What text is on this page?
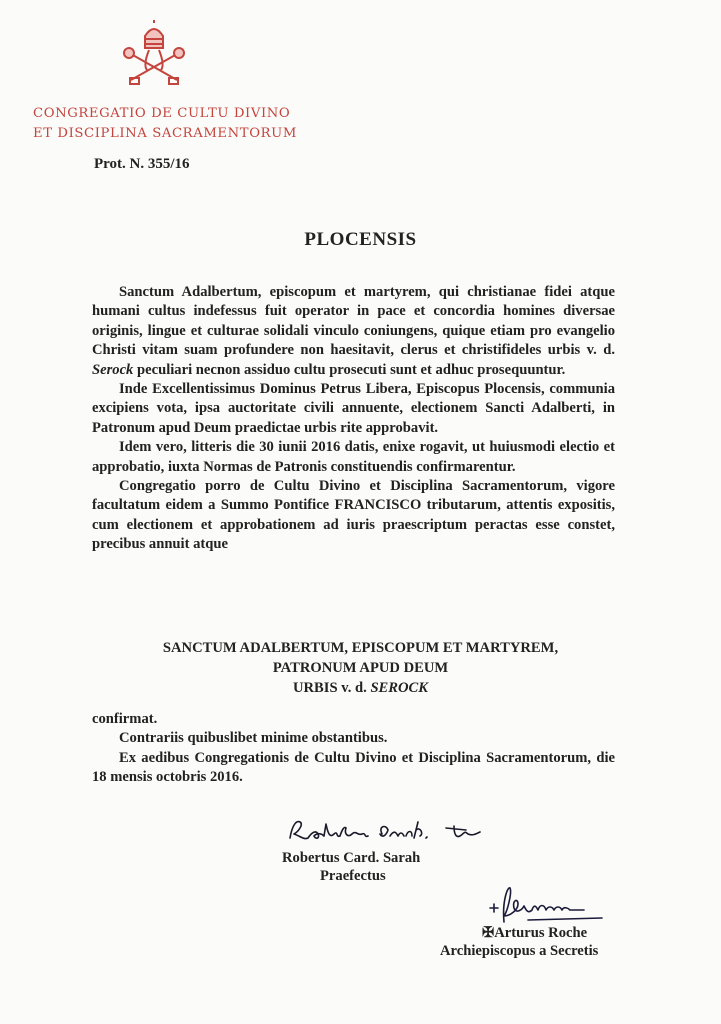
CONGREGATIO DE CULTU DIVINO
ET DISCIPLINA SACRAMENTORUM
Prot. N. 355/16
PLOCENSIS

Sanctum Adalbertum, episcopum et martyrem, qui christianae fidei atque humani cultus indefessus fuit operator in pace et concordia homines diversae originis, lingue et culturae solidali vinculo coniungens, quique etiam pro evangelio Christi vitam suam profundere non haesitavit, clerus et christifideles urbis v. d. Serock peculiari necnon assiduo cultu prosecuti sunt et adhuc prosequuntur.

Inde Excellentissimus Dominus Petrus Libera, Episcopus Plocensis, communia excipiens vota, ipsa auctoritate civili annuente, electionem Sancti Adalberti, in Patronum apud Deum praedictae urbis rite approbavit.

Idem vero, litteris die 30 iunii 2016 datis, enixe rogavit, ut huiusmodi electio et approbatio, iuxta Normas de Patronis constituendis confirmarentur.

Congregatio porro de Cultu Divino et Disciplina Sacramentorum, vigore facultatum eidem a Summo Pontifice FRANCISCO tributarum, attentis expositis, cum electionem et approbationem ad iuris praescriptum peractas esse constet, precibus annuit atque

SANCTUM ADALBERTUM, EPISCOPUM ET MARTYREM,
PATRONUM APUD DEUM
URBIS v. d. SEROCK

confirmat.

Contrariis quibuslibet minime obstantibus.

Ex aedibus Congregationis de Cultu Divino et Disciplina Sacramentorum, die 18 mensis octobris 2016.

Robertus Card. Sarah
Praefectus
✠Arturus Roche
Archiepiscopus a Secretis
